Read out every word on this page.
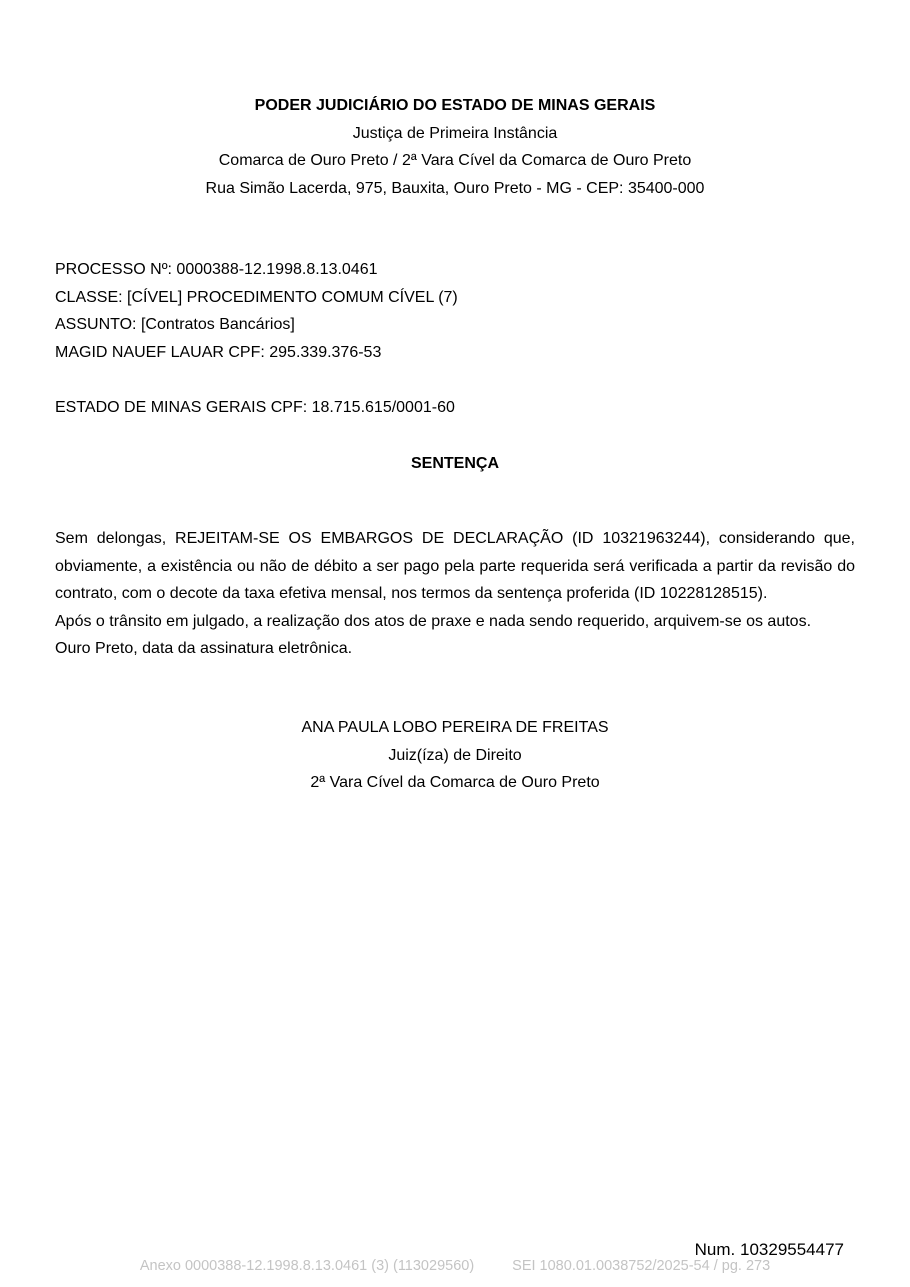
PODER JUDICIÁRIO DO ESTADO DE MINAS GERAIS
Justiça de Primeira Instância
Comarca de Ouro Preto / 2ª Vara Cível da Comarca de Ouro Preto
Rua Simão Lacerda, 975, Bauxita, Ouro Preto - MG - CEP: 35400-000
PROCESSO Nº: 0000388-12.1998.8.13.0461
CLASSE: [CÍVEL] PROCEDIMENTO COMUM CÍVEL (7)
ASSUNTO: [Contratos Bancários]
MAGID NAUEF LAUAR CPF: 295.339.376-53
ESTADO DE MINAS GERAIS CPF: 18.715.615/0001-60
SENTENÇA

Sem delongas, REJEITAM-SE OS EMBARGOS DE DECLARAÇÃO (ID 10321963244), considerando que, obviamente, a existência ou não de débito a ser pago pela parte requerida será verificada a partir da revisão do contrato, com o decote da taxa efetiva mensal, nos termos da sentença proferida (ID 10228128515).

Após o trânsito em julgado, a realização dos atos de praxe e nada sendo requerido, arquivem-se os autos.

Ouro Preto, data da assinatura eletrônica.

ANA PAULA LOBO PEREIRA DE FREITAS
Juiz(íza) de Direito
2ª Vara Cível da Comarca de Ouro Preto
Num. 10329554477
Anexo 0000388-12.1998.8.13.0461 (3) (113029560)	SEI 1080.01.0038752/2025-54 / pg. 273
